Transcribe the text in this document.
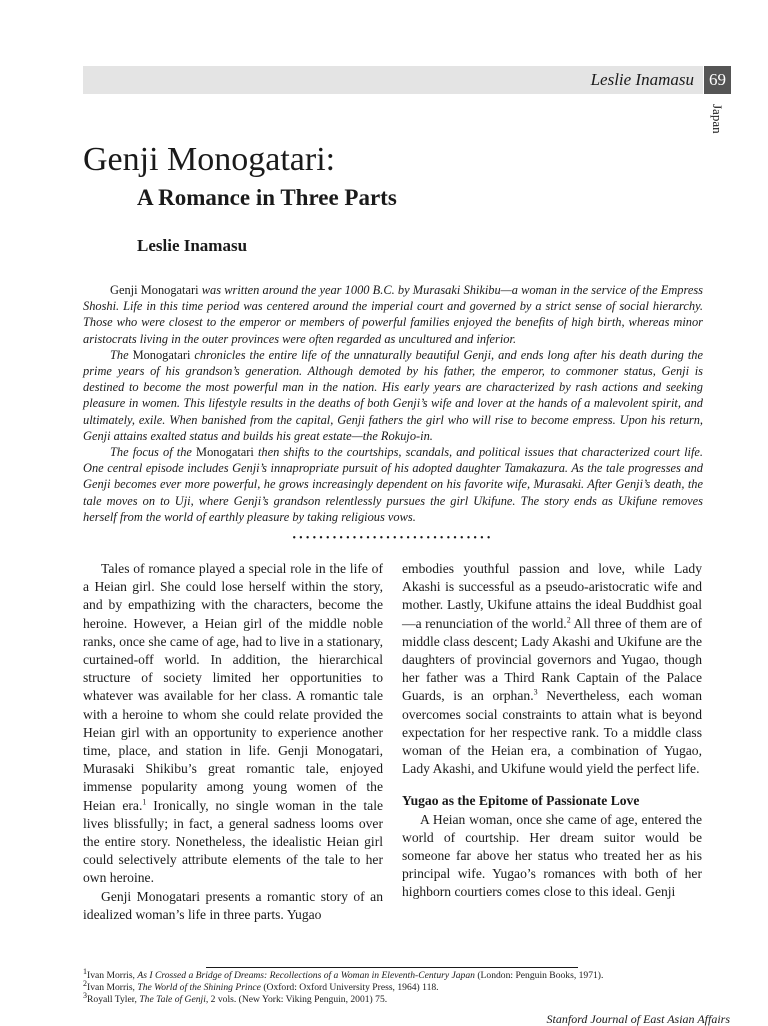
Leslie Inamasu 69
Japan
Genji Monogatari:
A Romance in Three Parts
Leslie Inamasu

Genji Monogatari was written around the year 1000 B.C. by Murasaki Shikibu—a woman in the service of the Empress Shoshi. Life in this time period was centered around the imperial court and governed by a strict sense of social hierarchy. Those who were closest to the emperor or members of powerful families enjoyed the benefits of high birth, whereas minor aristocrats living in the outer provinces were often regarded as uncultured and inferior.

The Monogatari chronicles the entire life of the unnaturally beautiful Genji, and ends long after his death during the prime years of his grandson’s generation. Although demoted by his father, the emperor, to commoner status, Genji is destined to become the most powerful man in the nation. His early years are characterized by rash actions and seeking pleasure in women. This lifestyle results in the deaths of both Genji’s wife and lover at the hands of a malevolent spirit, and ultimately, exile. When banished from the capital, Genji fathers the girl who will rise to become empress. Upon his return, Genji attains exalted status and builds his great estate—the Rokujo-in.

The focus of the Monogatari then shifts to the courtships, scandals, and political issues that characterized court life. One central episode includes Genji’s innapropriate pursuit of his adopted daughter Tamakazura. As the tale progresses and Genji becomes ever more powerful, he grows increasingly dependent on his favorite wife, Murasaki. After Genji’s death, the tale moves on to Uji, where Genji’s grandson relentlessly pursues the girl Ukifune. The story ends as Ukifune removes herself from the world of earthly pleasure by taking religious vows.

••••••••••••••••••••••••••••••

Tales of romance played a special role in the life of a Heian girl. She could lose herself within the story, and by empathizing with the characters, become the heroine. However, a Heian girl of the middle noble ranks, once she came of age, had to live in a stationary, curtained-off world. In addition, the hierarchical structure of society limited her opportunities to whatever was available for her class. A romantic tale with a heroine to whom she could relate provided the Heian girl with an opportunity to experience another time, place, and station in life. Genji Monogatari, Murasaki Shikibu’s great romantic tale, enjoyed immense popularity among young women of the Heian era.$^1$ Ironically, no single woman in the tale lives blissfully; in fact, a general sadness looms over the entire story. Nonetheless, the idealistic Heian girl could selectively attribute elements of the tale to her own heroine.

Genji Monogatari presents a romantic story of an idealized woman’s life in three parts. Yugao

embodies youthful passion and love, while Lady Akashi is successful as a pseudo-aristocratic wife and mother. Lastly, Ukifune attains the ideal Buddhist goal—a renunciation of the world.$^2$ All three of them are of middle class descent; Lady Akashi and Ukifune are the daughters of provincial governors and Yugao, though her father was a Third Rank Captain of the Palace Guards, is an orphan.$^3$ Nevertheless, each woman overcomes social constraints to attain what is beyond expectation for her respective rank. To a middle class woman of the Heian era, a combination of Yugao, Lady Akashi, and Ukifune would yield the perfect life.

Yugao as the Epitome of Passionate Love

A Heian woman, once she came of age, entered the world of courtship. Her dream suitor would be someone far above her status who treated her as his principal wife. Yugao’s romances with both of her highborn courtiers comes close to this ideal. Genji

$^1$Ivan Morris, As I Crossed a Bridge of Dreams: Recollections of a Woman in Eleventh-Century Japan (London: Penguin Books, 1971).
$^2$Ivan Morris, The World of the Shining Prince (Oxford: Oxford University Press, 1964) 118.
$^3$Royall Tyler, The Tale of Genji, 2 vols. (New York: Viking Penguin, 2001) 75.
Stanford Journal of East Asian Affairs
